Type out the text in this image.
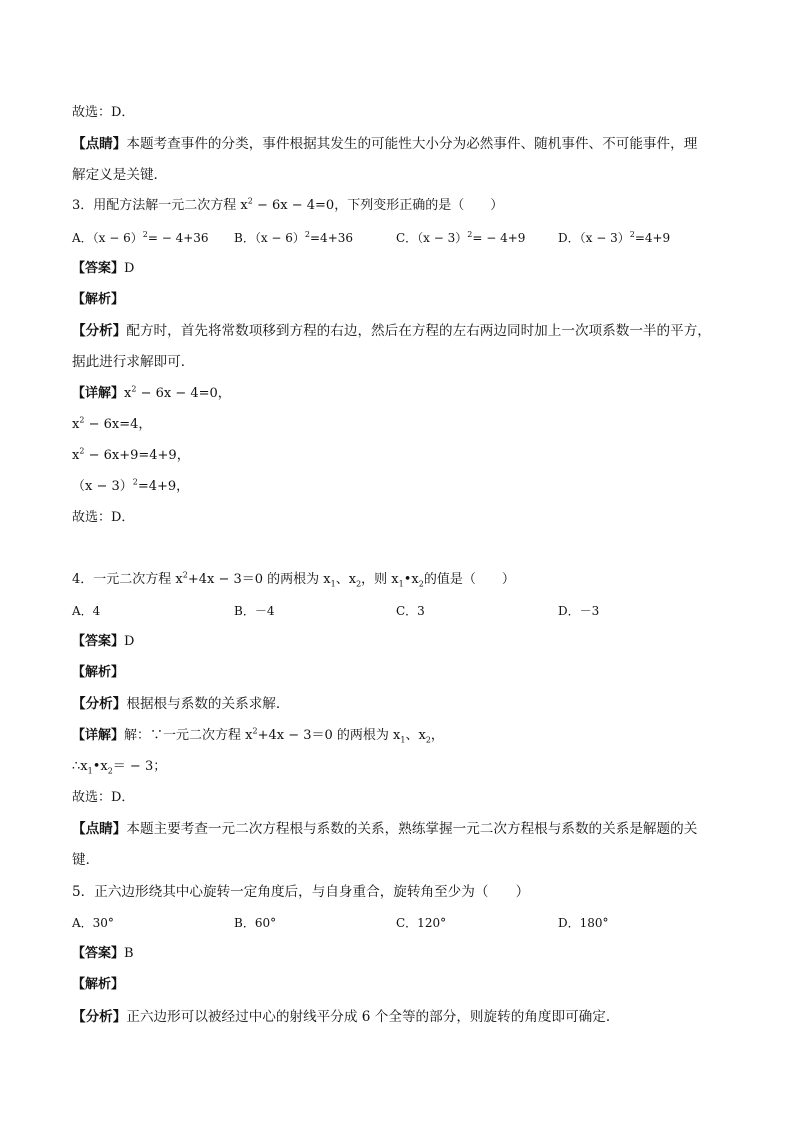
故选：D．
【点睛】本题考查事件的分类，事件根据其发生的可能性大小分为必然事件、随机事件、不可能事件，理
解定义是关键．
3．用配方法解一元二次方程 $x^2 - 6x - 4=0$，下列变形正确的是（　　）
A．$(x - 6)^2= - 4+36$ B．$(x - 6)^2=4+36$	C．$(x - 3)^2= - 4+9$	D．$(x - 3)^2=4+9$
【答案】D
【解析】
【分析】配方时，首先将常数项移到方程的右边，然后在方程的左右两边同时加上一次项系数一半的平方，
据此进行求解即可．
【详解】$x^2 - 6x - 4=0$，
$x^2 - 6x=4$，
$x^2 - 6x+9=4+9$，
$(x - 3)^2=4+9$，
故选：D．
4．一元二次方程 $x^2+4x - 3=0$ 的两根为 $x_1$、$x_2$，则 $x_1•x_2$的值是（　　）
A．4	B．－4	C．3	D．－3
【答案】D
【解析】
【分析】根据根与系数的关系求解．
【详解】解：∵一元二次方程 $x^2+4x - 3=0$ 的两根为 $x_1$、$x_2$，
$\therefore x_1•x_2= - 3$；
故选：D．
【点睛】本题主要考查一元二次方程根与系数的关系，熟练掌握一元二次方程根与系数的关系是解题的关
键．
5．正六边形绕其中心旋转一定角度后，与自身重合，旋转角至少为（　　）
A．30°	B．60°	C．120°	D．180°
【答案】B
【解析】
【分析】正六边形可以被经过中心的射线平分成 6 个全等的部分，则旋转的角度即可确定．
